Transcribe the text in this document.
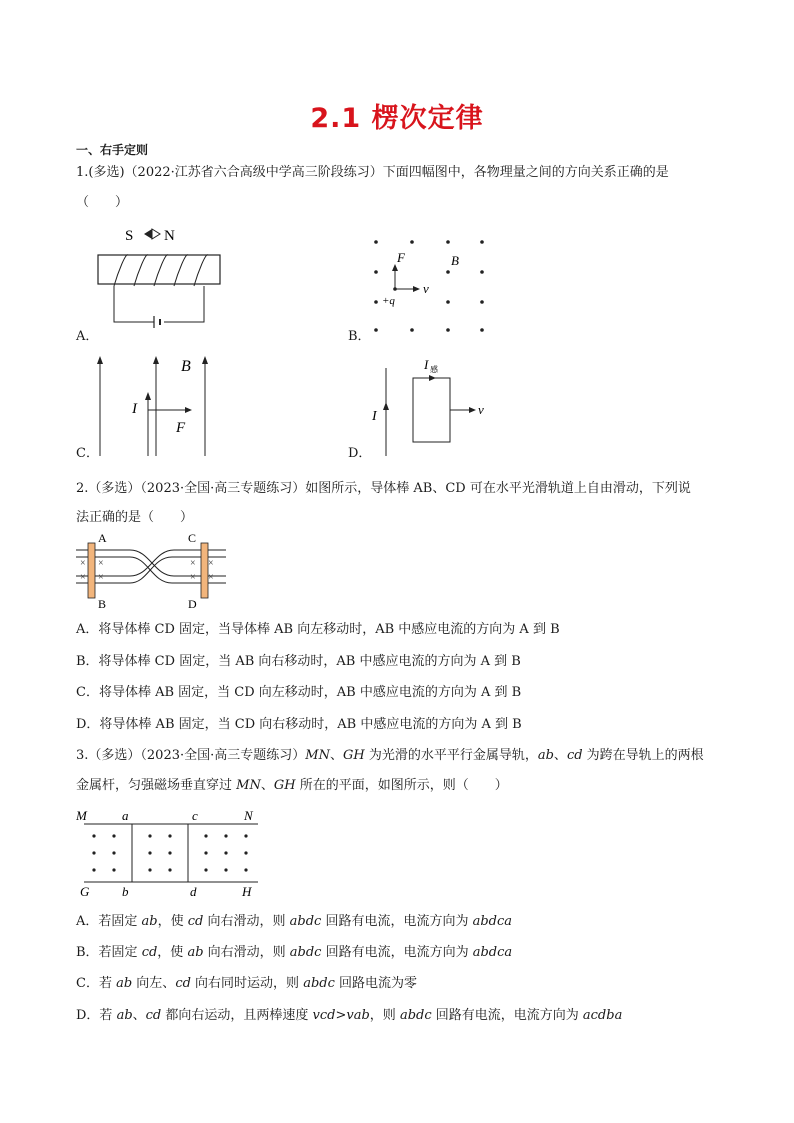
2.1 楞次定律
一、右手定则
1.(多选)（2022·江苏省六合高级中学高三阶段练习）下面四幅图中，各物理量之间的方向关系正确的是
（　　）
S N
A．
F	B
+q
v
B．
B
I
F
C．
I 感
I	v
D．
2.（多选）（2023·全国·高三专题练习）如图所示，导体棒 AB、CD 可在水平光滑轨道上自由滑动，下列说
法正确的是（　　）
× ×
× ×
× ×
× ×
A
B
C
D
A．将导体棒 CD 固定，当导体棒 AB 向左移动时，AB 中感应电流的方向为 A 到 B
B．将导体棒 CD 固定，当 AB 向右移动时，AB 中感应电流的方向为 A 到 B
C．将导体棒 AB 固定，当 CD 向左移动时，AB 中感应电流的方向为 A 到 B
D．将导体棒 AB 固定，当 CD 向右移动时，AB 中感应电流的方向为 A 到 B
3.（多选）（2023·全国·高三专题练习）MN、GH 为光滑的水平平行金属导轨，ab、cd 为跨在导轨上的两根
金属杆，匀强磁场垂直穿过 MN、GH 所在的平面，如图所示，则（　　）
M	a	c	N
G	b	d	H
A．若固定 ab，使 cd 向右滑动，则 abdc 回路有电流，电流方向为 abdca
B．若固定 cd，使 ab 向右滑动，则 abdc 回路有电流，电流方向为 abdca
C．若 ab 向左、cd 向右同时运动，则 abdc 回路电流为零
D．若 ab、cd 都向右运动，且两棒速度 vcd>vab，则 abdc 回路有电流，电流方向为 acdba
